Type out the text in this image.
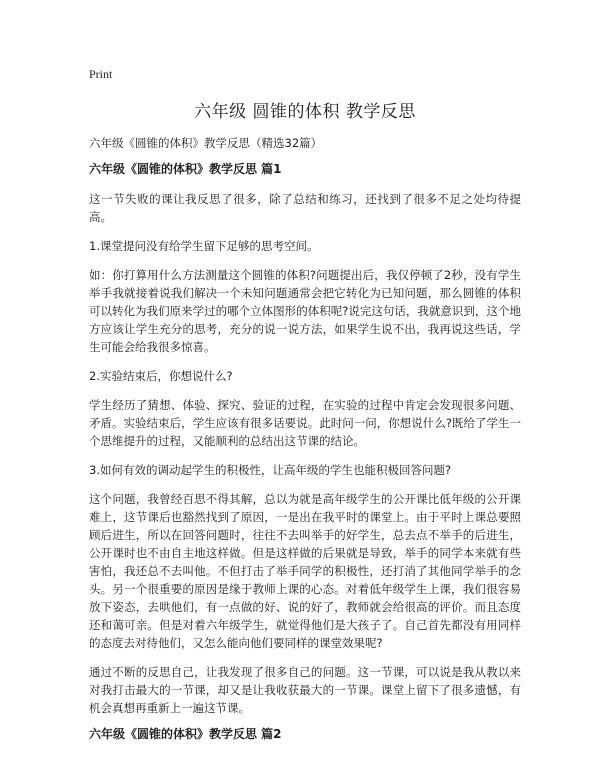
Print
六年级 圆锥的体积 教学反思

六年级《圆锥的体积》教学反思（精选32篇）

六年级《圆锥的体积》教学反思 篇1

这一节失败的课让我反思了很多，除了总结和练习，还找到了很多不足之处均待提高。

1.课堂提问没有给学生留下足够的思考空间。

如：你打算用什么方法测量这个圆锥的体积?问题提出后，我仅停顿了2秒，没有学生举手我就接着说我们解决一个未知问题通常会把它转化为已知问题，那么圆锥的体积可以转化为我们原来学过的哪个立体图形的体积呢?说完这句话，我就意识到，这个地方应该让学生充分的思考，充分的说一说方法，如果学生说不出，我再说这些话，学生可能会给我很多惊喜。

2.实验结束后，你想说什么?

学生经历了猜想、体验、探究、验证的过程，在实验的过程中肯定会发现很多问题、矛盾。实验结束后，学生应该有很多话要说。此时问一问，你想说什么?既给了学生一个思维提升的过程，又能顺利的总结出这节课的结论。

3.如何有效的调动起学生的积极性，让高年级的学生也能积极回答问题?

这个问题，我曾经百思不得其解，总以为就是高年级学生的公开课比低年级的公开课难上，这节课后也豁然找到了原因，一是出在我平时的课堂上。由于平时上课总要照顾后进生，所以在回答问题时，往往不去叫举手的好学生，总去点不举手的后进生，公开课时也不由自主地这样做。但是这样做的后果就是导致，举手的同学本来就有些害怕，我还总不去叫他。不但打击了举手同学的积极性，还打消了其他同学举手的念头。另一个很重要的原因是缘于教师上课的心态。对着低年级学生上课，我们很容易放下姿态，去哄他们，有一点做的好、说的好了，教师就会给很高的评价。而且态度还和蔼可亲。但是对着六年级学生，就觉得他们是大孩子了。自己首先都没有用同样的态度去对待他们，又怎么能向他们要同样的课堂效果呢?

通过不断的反思自己，让我发现了很多自己的问题。这一节课，可以说是我从教以来对我打击最大的一节课，却又是让我收获最大的一节课。课堂上留下了很多遗憾，有机会真想再重新上一遍这节课。

六年级《圆锥的体积》教学反思 篇2
